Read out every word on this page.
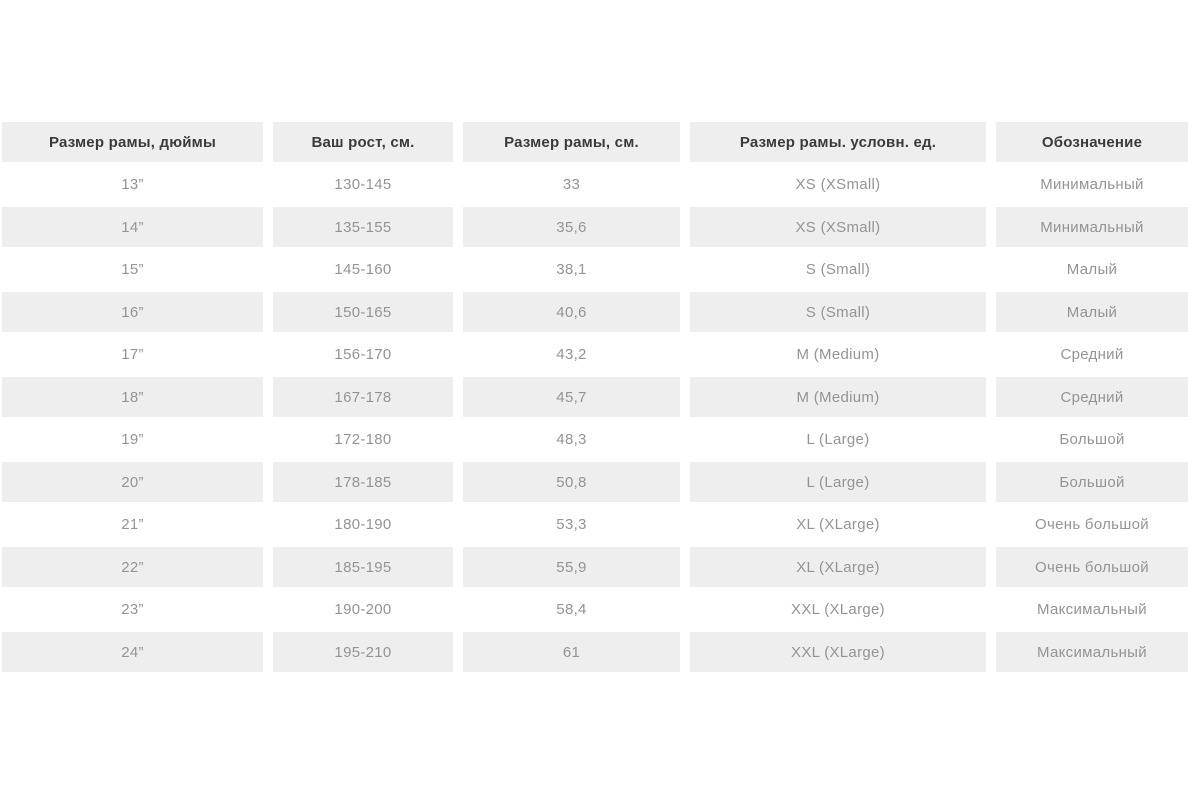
Размер рамы, дюймы	Ваш рост, см.	Размер рамы, см.	Размер рамы. условн. ед.	Обозначение
13”	130-145	33	XS (XSmall)	Минимальный
14”	135-155	35,6	XS (XSmall)	Минимальный
15”	145-160	38,1	S (Small)	Малый
16”	150-165	40,6	S (Small)	Малый
17”	156-170	43,2	M (Medium)	Средний
18”	167-178	45,7	M (Medium)	Средний
19”	172-180	48,3	L (Large)	Большой
20”	178-185	50,8	L (Large)	Большой
21”	180-190	53,3	XL (XLarge)	Очень большой
22”	185-195	55,9	XL (XLarge)	Очень большой
23”	190-200	58,4	XXL (XLarge)	Максимальный
24”	195-210	61	XXL (XLarge)	Максимальный
